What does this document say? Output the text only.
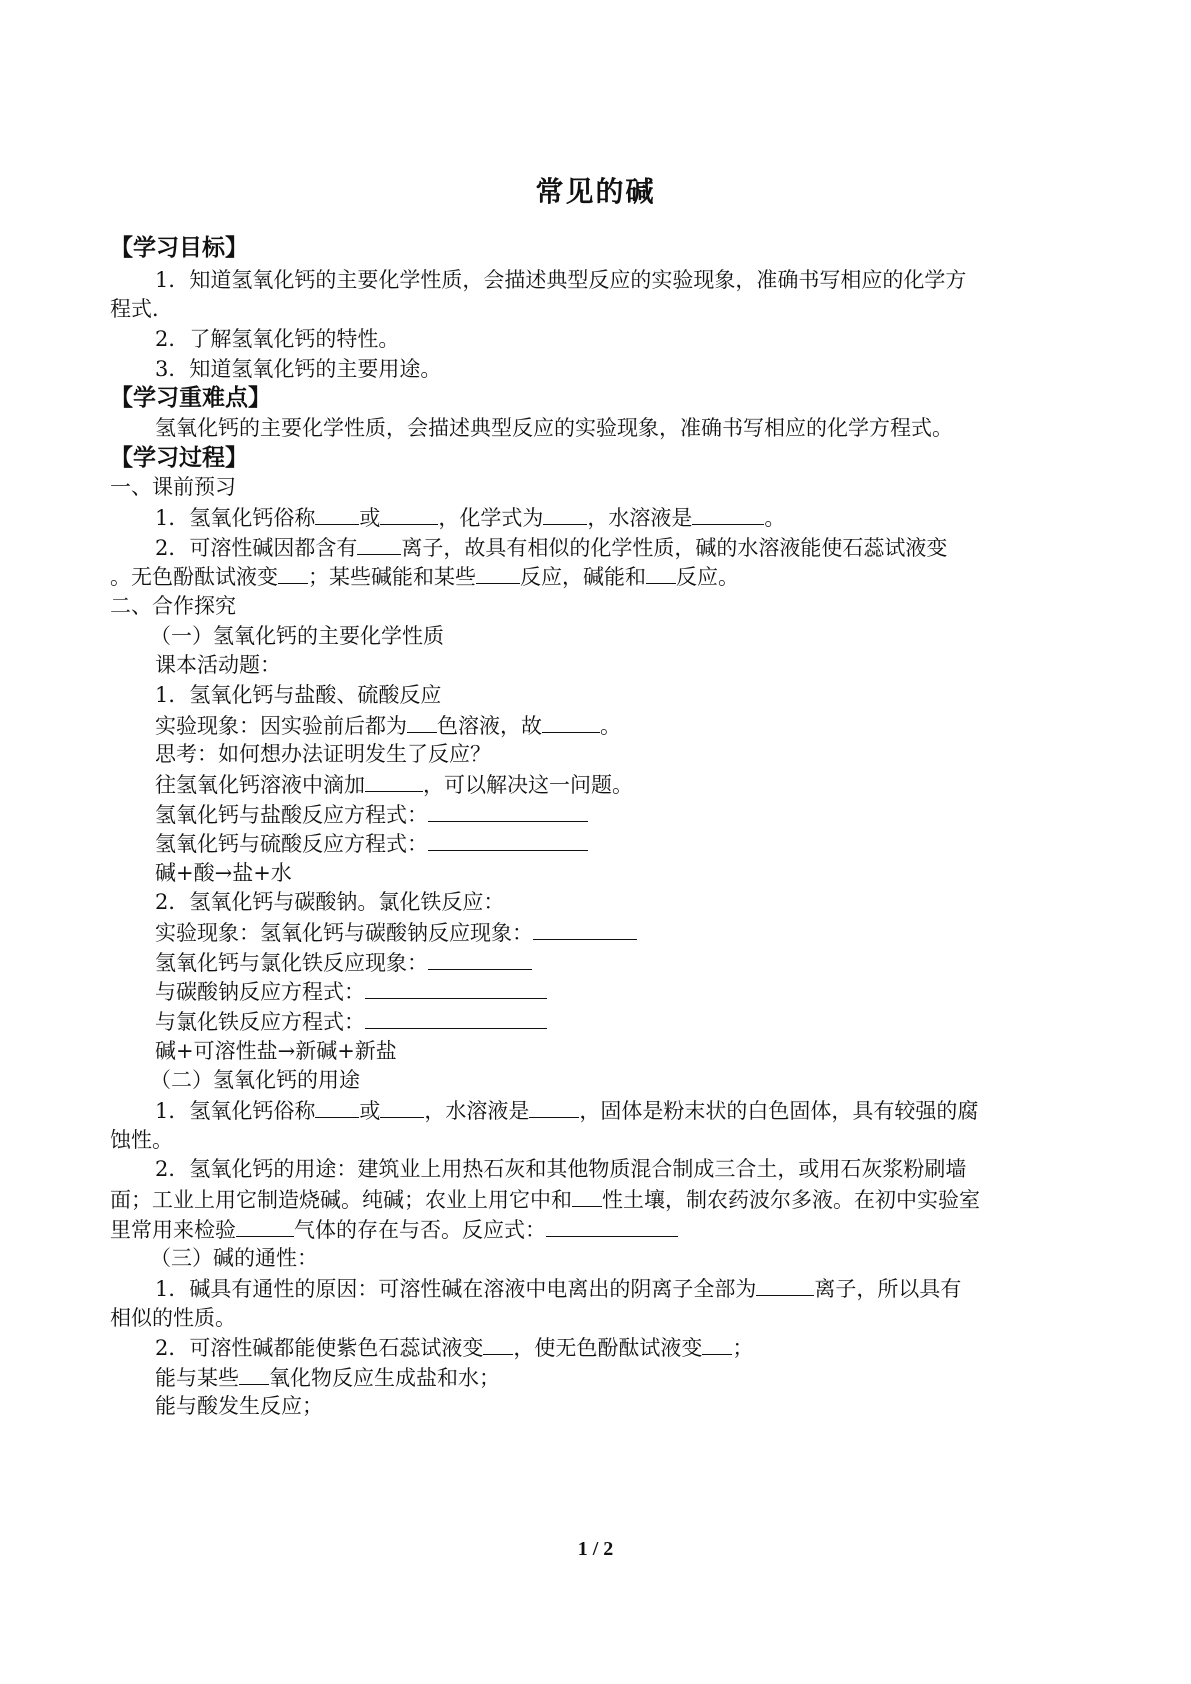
常见的碱
【学习目标】
1．知道氢氧化钙的主要化学性质，会描述典型反应的实验现象，准确书写相应的化学方
程式．
2．了解氢氧化钙的特性。
3．知道氢氧化钙的主要用途。
【学习重难点】
氢氧化钙的主要化学性质，会描述典型反应的实验现象，准确书写相应的化学方程式。
【学习过程】
一、课前预习
1．氢氧化钙俗称 或	，化学式为 ，水溶液是	。
2．可溶性碱因都含有 离子，故具有相似的化学性质，碱的水溶液能使石蕊试液变
。无色酚酞试液变 ；某些碱能和某些 反应，碱能和 反应。
二、合作探究
（一）氢氧化钙的主要化学性质
课本活动题：
1．氢氧化钙与盐酸、硫酸反应
实验现象：因实验前后都为 色溶液，故	。
思考：如何想办法证明发生了反应？
往氢氧化钙溶液中滴加	，可以解决这一问题。
氢氧化钙与盐酸反应方程式：
氢氧化钙与硫酸反应方程式：
碱+酸→盐+水
2．氢氧化钙与碳酸钠。氯化铁反应：
实验现象：氢氧化钙与碳酸钠反应现象：
氢氧化钙与氯化铁反应现象：
与碳酸钠反应方程式：
与氯化铁反应方程式：
碱+可溶性盐→新碱+新盐
（二）氢氧化钙的用途
1．氢氧化钙俗称 或 ，水溶液是 ，固体是粉末状的白色固体，具有较强的腐
蚀性。
2．氢氧化钙的用途：建筑业上用热石灰和其他物质混合制成三合土，或用石灰浆粉刷墙
面；工业上用它制造烧碱。纯碱；农业上用它中和 性土壤，制农药波尔多液。在初中实验室
里常用来检验	气体的存在与否。反应式：
（三）碱的通性：
1．碱具有通性的原因：可溶性碱在溶液中电离出的阴离子全部为	离子，所以具有
相似的性质。
2．可溶性碱都能使紫色石蕊试液变 ，使无色酚酞试液变 ；
能与某些 氧化物反应生成盐和水；
能与酸发生反应；
1 / 2
